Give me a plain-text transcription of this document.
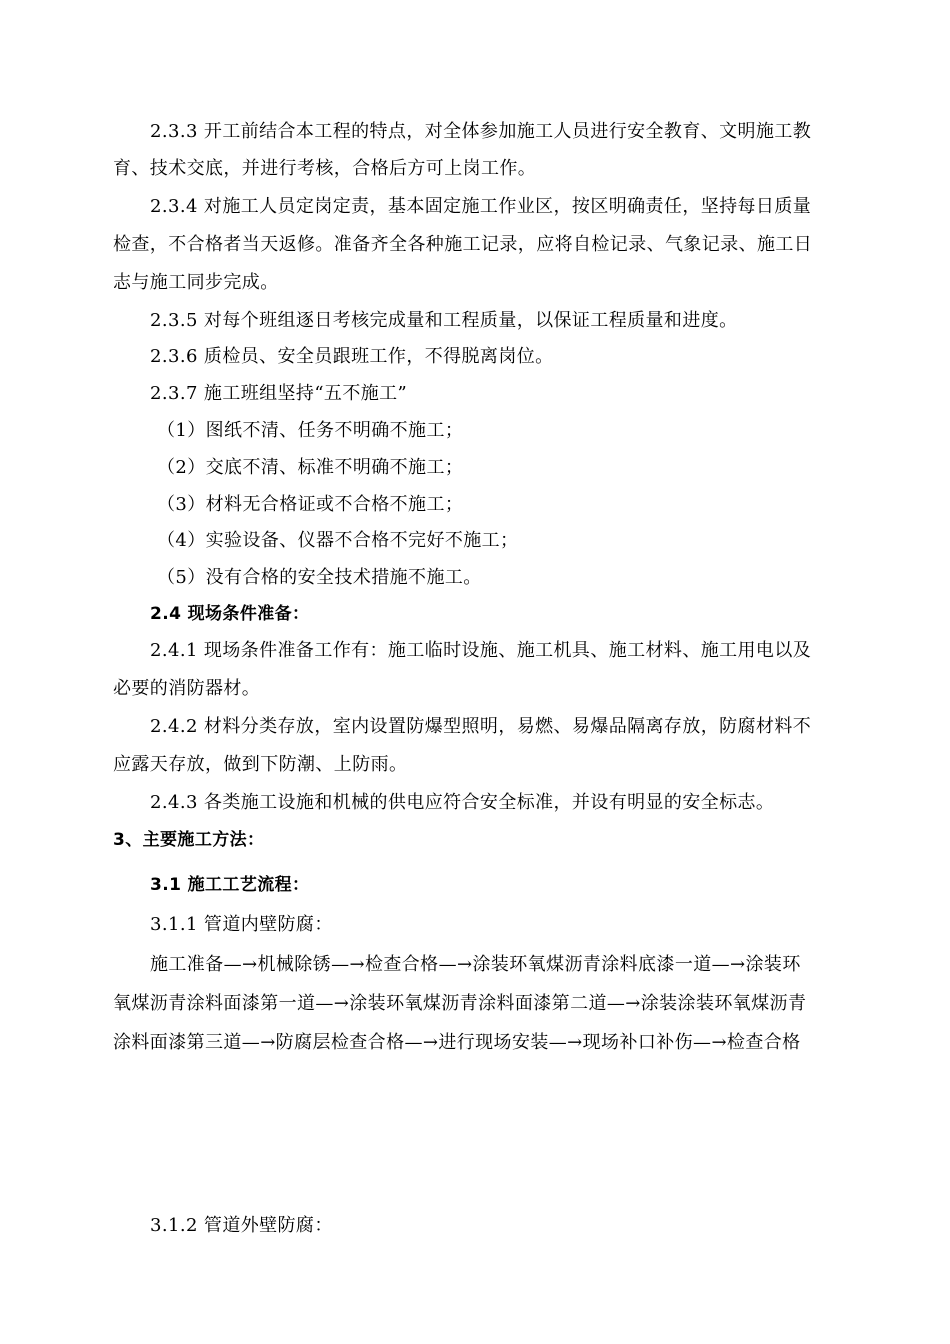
2.3.3 开工前结合本工程的特点，对全体参加施工人员进行安全教育、文明施工教
育、技术交底，并进行考核，合格后方可上岗工作。
2.3.4 对施工人员定岗定责，基本固定施工作业区，按区明确责任，坚持每日质量
检查，不合格者当天返修。准备齐全各种施工记录，应将自检记录、气象记录、施工日
志与施工同步完成。
2.3.5 对每个班组逐日考核完成量和工程质量，以保证工程质量和进度。
2.3.6 质检员、安全员跟班工作，不得脱离岗位。
2.3.7 施工班组坚持“五不施工”
（1）图纸不清、任务不明确不施工；
（2）交底不清、标准不明确不施工；
（3）材料无合格证或不合格不施工；
（4）实验设备、仪器不合格不完好不施工；
（5）没有合格的安全技术措施不施工。
2.4 现场条件准备：
2.4.1 现场条件准备工作有：施工临时设施、施工机具、施工材料、施工用电以及
必要的消防器材。
2.4.2 材料分类存放，室内设置防爆型照明，易燃、易爆品隔离存放，防腐材料不
应露天存放，做到下防潮、上防雨。
2.4.3 各类施工设施和机械的供电应符合安全标准，并设有明显的安全标志。
3、主要施工方法：
3.1 施工工艺流程：
3.1.1 管道内壁防腐：
施工准备—→机械除锈—→检查合格—→涂装环氧煤沥青涂料底漆一道—→涂装环
氧煤沥青涂料面漆第一道—→涂装环氧煤沥青涂料面漆第二道—→涂装涂装环氧煤沥青
涂料面漆第三道—→防腐层检查合格—→进行现场安装—→现场补口补伤—→检查合格
3.1.2 管道外壁防腐：
